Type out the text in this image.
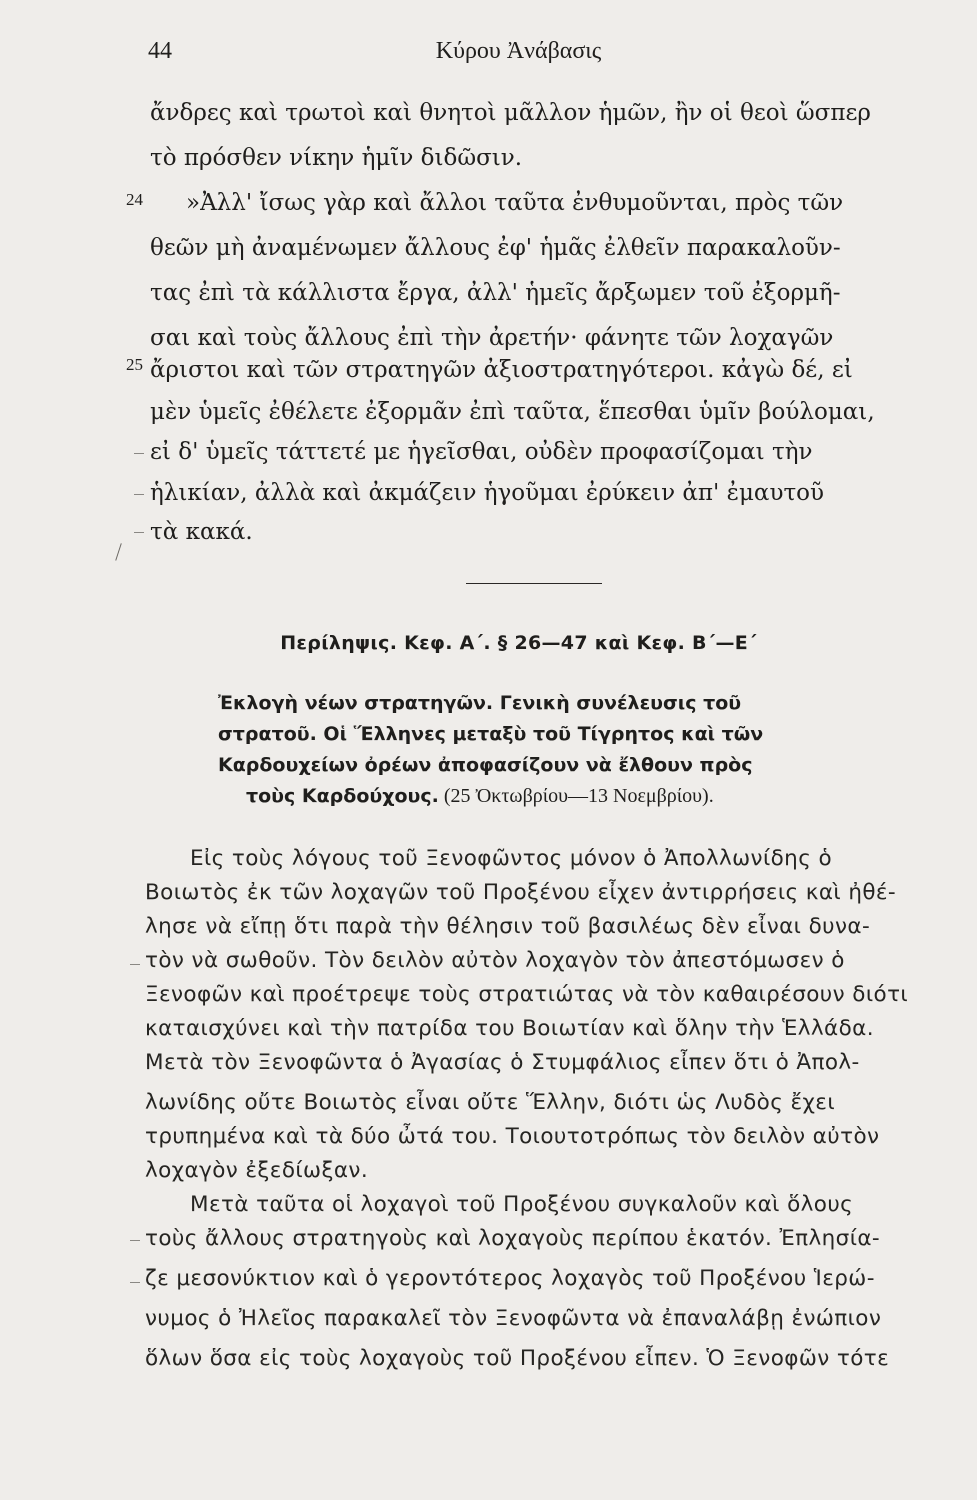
44	Κύρου Ἀνάβασις
ἄνδρες καὶ τρωτοὶ καὶ θνητοὶ μᾶλλον ἡμῶν, ἢν οἱ θεοὶ ὥσπερ
τὸ πρόσθεν νίκην ἡμῖν διδῶσιν.
24 »Ἀλλ' ἴσως γὰρ καὶ ἄλλοι ταῦτα ἐνθυμοῦνται, πρὸς τῶν
θεῶν μὴ ἀναμένωμεν ἄλλους ἐφ' ἡμᾶς ἐλθεῖν παρακαλοῦν-
τας ἐπὶ τὰ κάλλιστα ἔργα, ἀλλ' ἡμεῖς ἄρξωμεν τοῦ ἐξορμῆ-
σαι καὶ τοὺς ἄλλους ἐπὶ τὴν ἀρετήν· φάνητε τῶν λοχαγῶν
25 ἄριστοι καὶ τῶν στρατηγῶν ἀξιοστρατηγότεροι. κἀγὼ δέ, εἰ
μὲν ὑμεῖς ἐθέλετε ἐξορμᾶν ἐπὶ ταῦτα, ἕπεσθαι ὑμῖν βούλομαι,
εἰ δ' ὑμεῖς τάττετέ με ἡγεῖσθαι, οὐδὲν προφασίζομαι τὴν
ἡλικίαν, ἀλλὰ καὶ ἀκμάζειν ἡγοῦμαι ἐρύκειν ἀπ' ἐμαυτοῦ
τὰ κακά.
Περίληψις. Κεφ. Α΄. § 26—47 καὶ Κεφ. Β΄—Ε΄
Ἐκλογὴ νέων στρατηγῶν. Γενικὴ συνέλευσις τοῦ
στρατοῦ. Οἱ Ἕλληνες μεταξὺ τοῦ Τίγρητος καὶ τῶν
Καρδουχείων ὀρέων ἀποφασίζουν νὰ ἔλθουν πρὸς
τοὺς Καρδούχους. (25 Ὀκτωβρίου—13 Νοεμβρίου).
Εἰς τοὺς λόγους τοῦ Ξενοφῶντος μόνον ὁ Ἀπολλωνίδης ὁ
Βοιωτὸς ἐκ τῶν λοχαγῶν τοῦ Προξένου εἶχεν ἀντιρρήσεις καὶ ἠθέ-
λησε νὰ εἴπῃ ὅτι παρὰ τὴν θέλησιν τοῦ βασιλέως δὲν εἶναι δυνα-
τὸν νὰ σωθοῦν. Τὸν δειλὸν αὐτὸν λοχαγὸν τὸν ἀπεστόμωσεν ὁ
Ξενοφῶν καὶ προέτρεψε τοὺς στρατιώτας νὰ τὸν καθαιρέσουν διότι
καταισχύνει καὶ τὴν πατρίδα του Βοιωτίαν καὶ ὅλην τὴν Ἑλλάδα.
Μετὰ τὸν Ξενοφῶντα ὁ Ἀγασίας ὁ Στυμφάλιος εἶπεν ὅτι ὁ Ἀπολ-
λωνίδης οὔτε Βοιωτὸς εἶναι οὔτε Ἕλλην, διότι ὡς Λυδὸς ἔχει
τρυπημένα καὶ τὰ δύο ὦτά του. Τοιουτοτρόπως τὸν δειλὸν αὐτὸν
λοχαγὸν ἐξεδίωξαν.
Μετὰ ταῦτα οἱ λοχαγοὶ τοῦ Προξένου συγκαλοῦν καὶ ὅλους
τοὺς ἄλλους στρατηγοὺς καὶ λοχαγοὺς περίπου ἑκατόν. Ἐπλησία-
ζε μεσονύκτιον καὶ ὁ γεροντότερος λοχαγὸς τοῦ Προξένου Ἱερώ-
νυμος ὁ Ἠλεῖος παρακαλεῖ τὸν Ξενοφῶντα νὰ ἐπαναλάβῃ ἐνώπιον
ὅλων ὅσα εἰς τοὺς λοχαγοὺς τοῦ Προξένου εἶπεν. Ὁ Ξενοφῶν τότε
